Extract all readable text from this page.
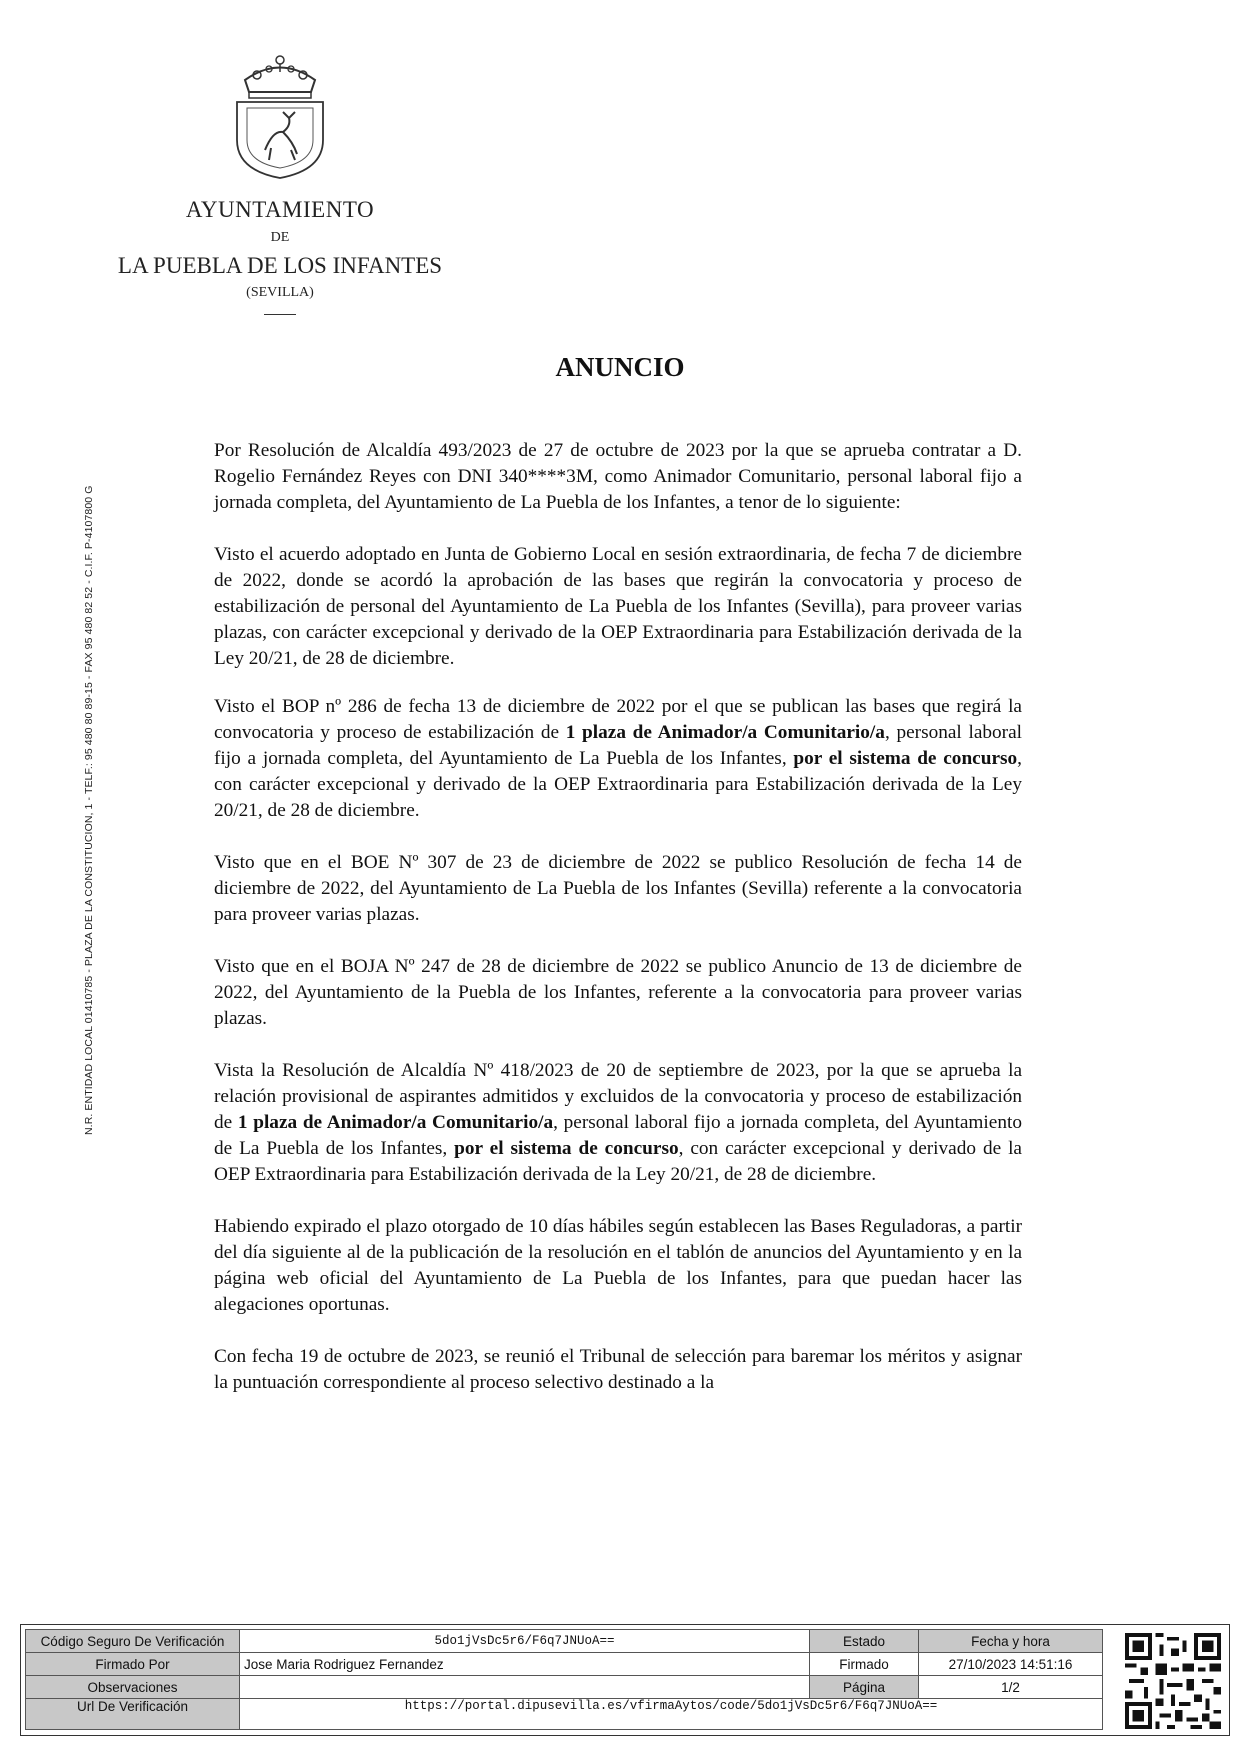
AYUNTAMIENTO
DE
LA PUEBLA DE LOS INFANTES
(SEVILLA)
ANUNCIO
N.R. ENTIDAD LOCAL 01410785 - PLAZA DE LA CONSTITUCION, 1 - TELF.: 95 480 80 89-15 - FAX 95 480 82 52 - C.I.F. P-4107800 G

Por Resolución de Alcaldía 493/2023 de 27 de octubre de 2023 por la que se aprueba contratar a D. Rogelio Fernández Reyes con DNI 340****3M, como Animador Comunitario, personal laboral fijo a jornada completa, del Ayuntamiento de La Puebla de los Infantes, a tenor de lo siguiente:

Visto el acuerdo adoptado en Junta de Gobierno Local en sesión extraordinaria, de fecha 7 de diciembre de 2022, donde se acordó la aprobación de las bases que regirán la convocatoria y proceso de estabilización de personal del Ayuntamiento de La Puebla de los Infantes (Sevilla), para proveer varias plazas, con carácter excepcional y derivado de la OEP Extraordinaria para Estabilización derivada de la Ley 20/21, de 28 de diciembre.

Visto el BOP nº 286 de fecha 13 de diciembre de 2022 por el que se publican las bases que regirá la convocatoria y proceso de estabilización de 1 plaza de Animador/a Comunitario/a, personal laboral fijo a jornada completa, del Ayuntamiento de La Puebla de los Infantes, por el sistema de concurso, con carácter excepcional y derivado de la OEP Extraordinaria para Estabilización derivada de la Ley 20/21, de 28 de diciembre.

Visto que en el BOE Nº 307 de 23 de diciembre de 2022 se publico Resolución de fecha 14 de diciembre de 2022, del Ayuntamiento de La Puebla de los Infantes (Sevilla) referente a la convocatoria para proveer varias plazas.

Visto que en el BOJA Nº 247 de 28 de diciembre de 2022 se publico Anuncio de 13 de diciembre de 2022, del Ayuntamiento de la Puebla de los Infantes, referente a la convocatoria para proveer varias plazas.

Vista la Resolución de Alcaldía Nº 418/2023 de 20 de septiembre de 2023, por la que se aprueba la relación provisional de aspirantes admitidos y excluidos de la convocatoria y proceso de estabilización de 1 plaza de Animador/a Comunitario/a, personal laboral fijo a jornada completa, del Ayuntamiento de La Puebla de los Infantes, por el sistema de concurso, con carácter excepcional y derivado de la OEP Extraordinaria para Estabilización derivada de la Ley 20/21, de 28 de diciembre.

Habiendo expirado el plazo otorgado de 10 días hábiles según establecen las Bases Reguladoras, a partir del día siguiente al de la publicación de la resolución en el tablón de anuncios del Ayuntamiento y en la página web oficial del Ayuntamiento de La Puebla de los Infantes, para que puedan hacer las alegaciones oportunas.

Con fecha 19 de octubre de 2023, se reunió el Tribunal de selección para baremar los méritos y asignar la puntuación correspondiente al proceso selectivo destinado a la

Código Seguro De Verificación	5do1jVsDc5r6/F6q7JNUoA==	Estado	Fecha y hora
Firmado Por	Jose Maria Rodriguez Fernandez	Firmado	27/10/2023 14:51:16
Observaciones		Página	1/2
Url De Verificación	https://portal.dipusevilla.es/vfirmaAytos/code/5do1jVsDc5r6/F6q7JNUoA==		
